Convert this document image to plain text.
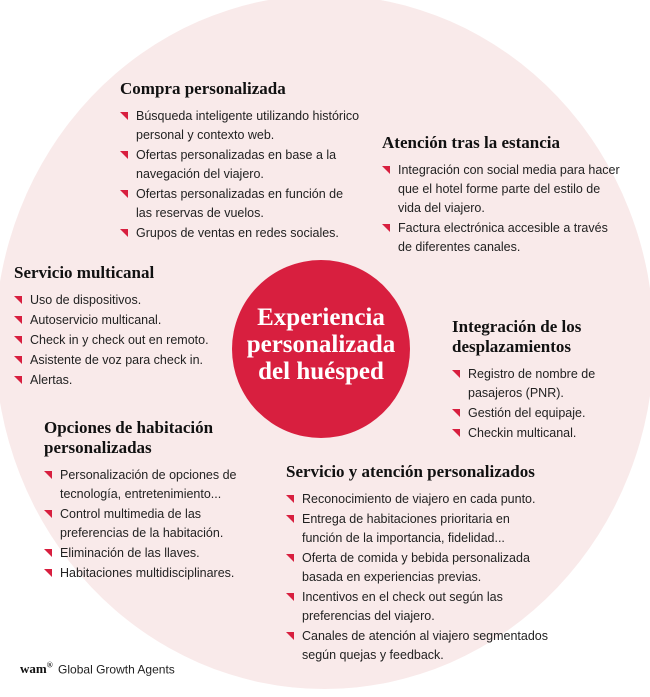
Experiencia
personalizada
del huésped
Compra personalizada
Búsqueda inteligente utilizando histórico personal y contexto web.
Ofertas personalizadas en base a la navegación del viajero.
Ofertas personalizadas en función de las reservas de vuelos.
Grupos de ventas en redes sociales.
Atención tras la estancia
Integración con social media para hacer que el hotel forme parte del estilo de vida del viajero.
Factura electrónica accesible a través de diferentes canales.
Servicio multicanal
Uso de dispositivos.
Autoservicio multicanal.
Check in y check out en remoto.
Asistente de voz para check in.
Alertas.
Integración de los desplazamientos
Registro de nombre de pasajeros (PNR).
Gestión del equipaje.
Checkin multicanal.
Opciones de habitación personalizadas
Personalización de opciones de tecnología, entretenimiento...
Control multimedia de las preferencias de la habitación.
Eliminación de las llaves.
Habitaciones multidisciplinares.
Servicio y atención personalizados
Reconocimiento de viajero en cada punto.
Entrega de habitaciones prioritaria en función de la importancia, fidelidad...
Oferta de comida y bebida personalizada basada en experiencias previas.
Incentivos en el check out según las preferencias del viajero.
Canales de atención al viajero segmentados según quejas y feedback.
wam® Global Growth Agents
